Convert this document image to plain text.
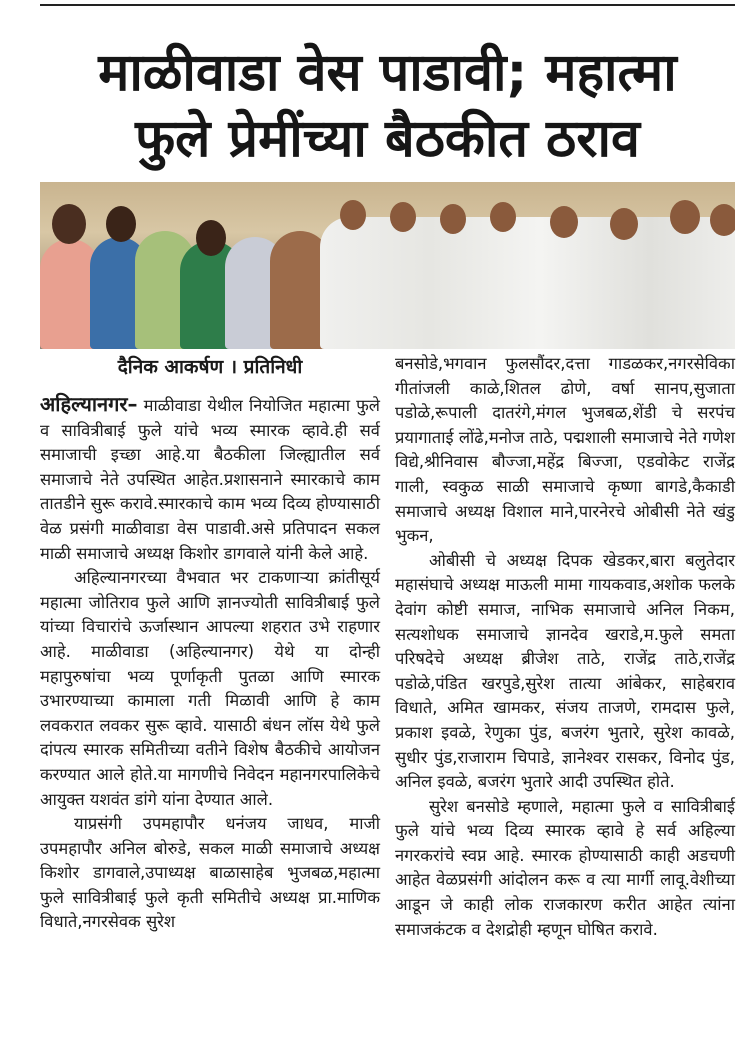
माळीवाडा वेस पाडावी; महात्मा
फुले प्रेमींच्या बैठकीत ठराव
दैनिक आकर्षण । प्रतिनिधी

अहिल्यानगर– माळीवाडा येथील नियोजित महात्मा फुले व सावित्रीबाई फुले यांचे भव्य स्मारक व्हावे.ही सर्व समाजाची इच्छा आहे.या बैठकीला जिल्ह्यातील सर्व समाजाचे नेते उपस्थित आहेत.प्रशासनाने स्मारकाचे काम तातडीने सुरू करावे.स्मारकाचे काम भव्य दिव्य होण्यासाठी वेळ प्रसंगी माळीवाडा वेस पाडावी.असे प्रतिपादन सकल माळी समाजाचे अध्यक्ष किशोर डागवाले यांनी केले आहे.

अहिल्यानगरच्या वैभवात भर टाकणाऱ्या क्रांतीसूर्य महात्मा जोतिराव फुले आणि ज्ञानज्योती सावित्रीबाई फुले यांच्या विचारांचे ऊर्जास्थान आपल्या शहरात उभे राहणार आहे. माळीवाडा (अहिल्यानगर) येथे या दोन्ही महापुरुषांचा भव्य पूर्णाकृती पुतळा आणि स्मारक उभारण्याच्या कामाला गती मिळावी आणि हे काम लवकरात लवकर सुरू व्हावे. यासाठी बंधन लॉस येथे फुले दांपत्य स्मारक समितीच्या वतीने विशेष बैठकीचे आयोजन करण्यात आले होते.या मागणीचे निवेदन महानगरपालिकेचे आयुक्त यशवंत डांगे यांना देण्यात आले.

याप्रसंगी उपमहापौर धनंजय जाधव, माजी उपमहापौर अनिल बोरुडे, सकल माळी समाजाचे अध्यक्ष किशोर डागवाले,उपाध्यक्ष बाळासाहेब भुजबळ,महात्मा फुले सावित्रीबाई फुले कृती समितीचे अध्यक्ष प्रा.माणिक विधाते,नगरसेवक सुरेश

बनसोडे,भगवान फुलसौंदर,दत्ता गाडळकर,नगरसेविका गीतांजली काळे,शितल ढोणे, वर्षा सानप,सुजाता पडोळे,रूपाली दातरंगे,मंगल भुजबळ,शेंडी चे सरपंच प्रयागाताई लोंढे,मनोज ताठे, पद्मशाली समाजाचे नेते गणेश विद्ये,श्रीनिवास बौज्जा,महेंद्र बिज्जा, एडवोकेट राजेंद्र गाली, स्वकुळ साळी समाजाचे कृष्णा बागडे,कैकाडी समाजाचे अध्यक्ष विशाल माने,पारनेरचे ओबीसी नेते खंडु भुकन,

ओबीसी चे अध्यक्ष दिपक खेडकर,बारा बलुतेदार महासंघाचे अध्यक्ष माऊली मामा गायकवाड,अशोक फलके देवांग कोष्टी समाज, नाभिक समाजाचे अनिल निकम, सत्यशोधक समाजाचे ज्ञानदेव खराडे,म.फुले समता परिषदेचे अध्यक्ष ब्रीजेश ताठे, राजेंद्र ताठे,राजेंद्र पडोळे,पंडित खरपुडे,सुरेश तात्या आंबेकर, साहेबराव विधाते, अमित खामकर, संजय ताजणे, रामदास फुले, प्रकाश इवळे, रेणुका पुंड, बजरंग भुतारे, सुरेश कावळे, सुधीर पुंड,राजाराम चिपाडे, ज्ञानेश्वर रासकर, विनोद पुंड, अनिल इवळे, बजरंग भुतारे आदी उपस्थित होते.

सुरेश बनसोडे म्हणाले, महात्मा फुले व सावित्रीबाई फुले यांचे भव्य दिव्य स्मारक व्हावे हे सर्व अहिल्या नगरकरांचे स्वप्न आहे. स्मारक होण्यासाठी काही अडचणी आहेत वेळप्रसंगी आंदोलन करू व त्या मार्गी लावू.वेशीच्या आडून जे काही लोक राजकारण करीत आहेत त्यांना समाजकंटक व देशद्रोही म्हणून घोषित करावे.
